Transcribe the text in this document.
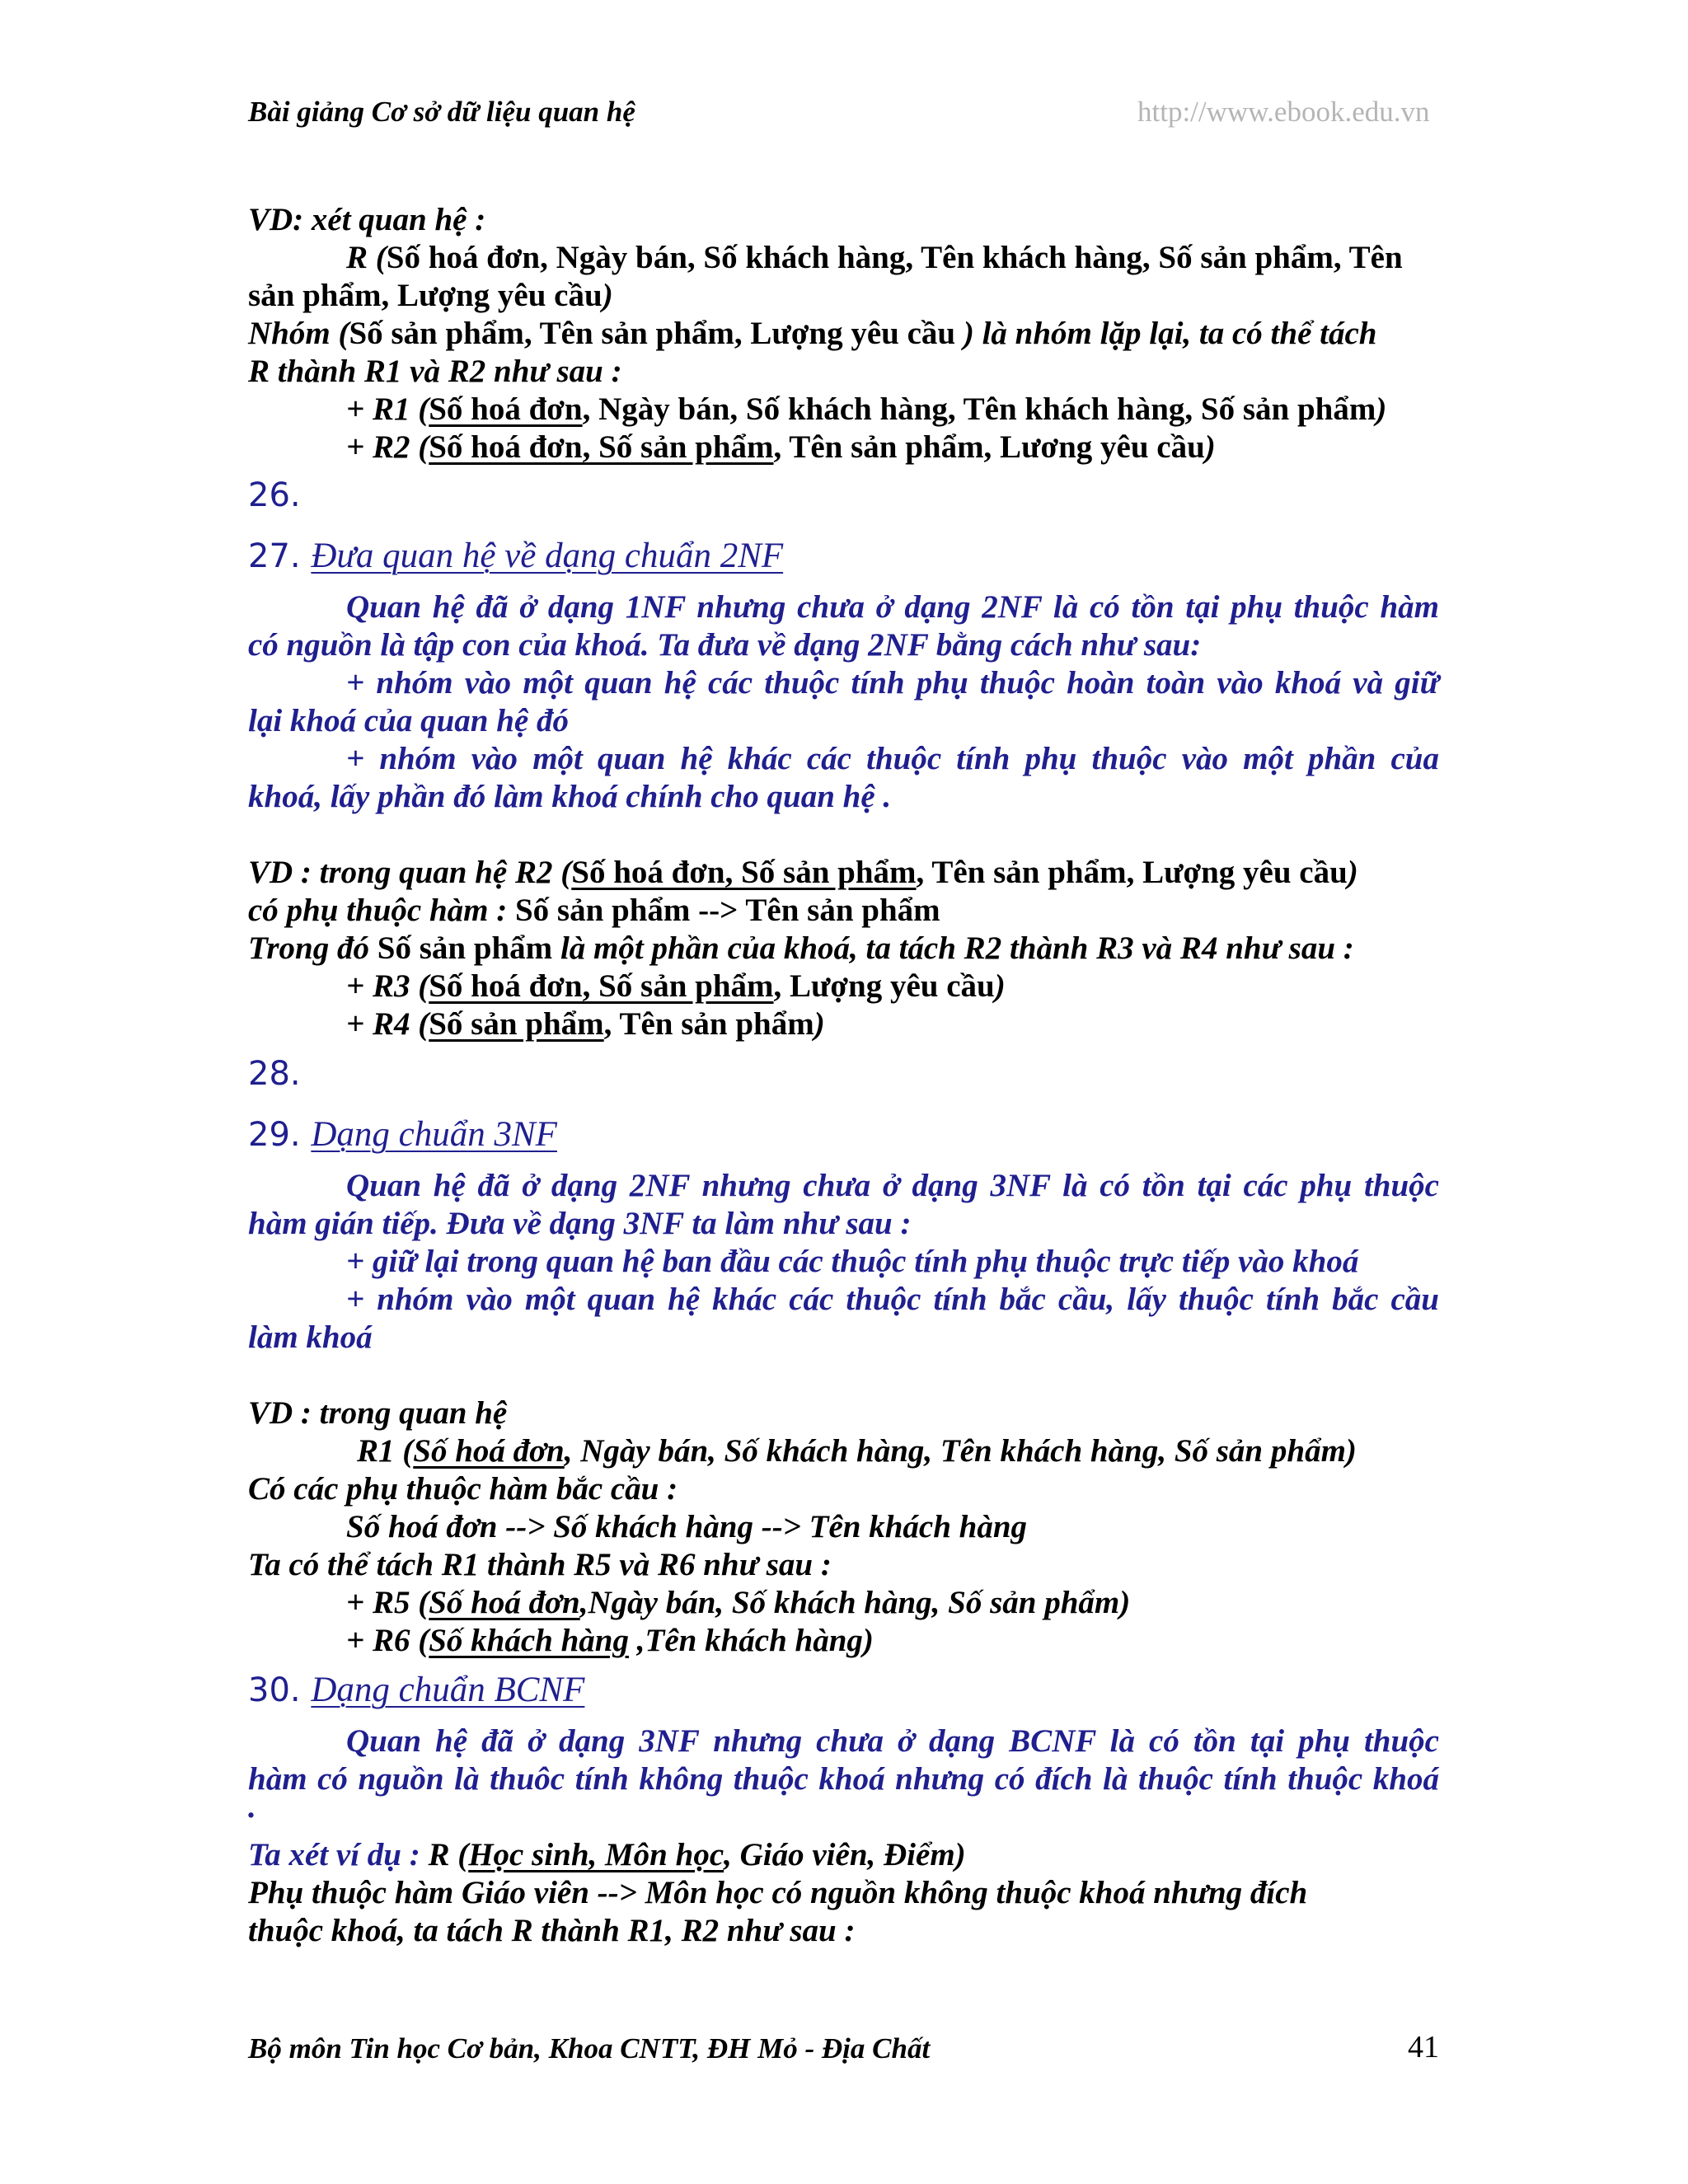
Bài giảng Cơ sở dữ liệu quan hệ	http://www.ebook.edu.vn

VD: xét quan hệ :

R (Số hoá đơn, Ngày bán, Số khách hàng, Tên khách hàng, Số sản phẩm, Tên

sản phẩm, Lượng yêu cầu)

Nhóm (Số sản phẩm, Tên sản phẩm, Lượng yêu cầu ) là nhóm lặp lại, ta có thể tách

R thành R1 và R2 như sau :

+ R1 (Số hoá đơn, Ngày bán, Số khách hàng, Tên khách hàng, Số sản phẩm)

+ R2 (Số hoá đơn, Số sản phẩm, Tên sản phẩm, Lương yêu cầu)

26.

27. Đưa quan hệ về dạng chuẩn 2NF

Quan hệ đã ở dạng 1NF nhưng chưa ở dạng 2NF là có tồn tại phụ thuộc hàm

có nguồn là tập con của khoá. Ta đưa về dạng 2NF bằng cách như sau:

+ nhóm vào một quan hệ các thuộc tính phụ thuộc hoàn toàn vào khoá và giữ

lại khoá của quan hệ đó

+ nhóm vào một quan hệ khác các thuộc tính phụ thuộc vào một phần của

khoá, lấy phần đó làm khoá chính cho quan hệ .

VD : trong quan hệ R2 (Số hoá đơn, Số sản phẩm, Tên sản phẩm, Lượng yêu cầu)

có phụ thuộc hàm : Số sản phẩm --> Tên sản phẩm

Trong đó Số sản phẩm là một phần của khoá, ta tách R2 thành R3 và R4 như sau :

+ R3 (Số hoá đơn, Số sản phẩm, Lượng yêu cầu)

+ R4 (Số sản phẩm, Tên sản phẩm)

28.

29. Dạng chuẩn 3NF

Quan hệ đã ở dạng 2NF nhưng chưa ở dạng 3NF là có tồn tại các phụ thuộc

hàm gián tiếp. Đưa về dạng 3NF ta làm như sau :

+ giữ lại trong quan hệ ban đầu các thuộc tính phụ thuộc trực tiếp vào khoá

+ nhóm vào một quan hệ khác các thuộc tính bắc cầu, lấy thuộc tính bắc cầu

làm khoá

VD : trong quan hệ

R1 (Số hoá đơn, Ngày bán, Số khách hàng, Tên khách hàng, Số sản phẩm)

Có các phụ thuộc hàm bắc cầu :

Số hoá đơn --> Số khách hàng --> Tên khách hàng

Ta có thể tách R1 thành R5 và R6 như sau :

+ R5 (Số hoá đơn,Ngày bán, Số khách hàng, Số sản phẩm)

+ R6 (Số khách hàng ,Tên khách hàng)

30. Dạng chuẩn BCNF

Quan hệ đã ở dạng 3NF nhưng chưa ở dạng BCNF là có tồn tại phụ thuộc

hàm có nguồn là thuôc tính không thuộc khoá nhưng có đích là thuộc tính thuộc khoá

.

Ta xét ví dụ : R (Học sinh, Môn học, Giáo viên, Điểm)

Phụ thuộc hàm Giáo viên --> Môn học có nguồn không thuộc khoá nhưng đích

thuộc khoá, ta tách R thành R1, R2 như sau :

Bộ môn Tin học Cơ bản, Khoa CNTT, ĐH Mỏ - Địa Chất	41
